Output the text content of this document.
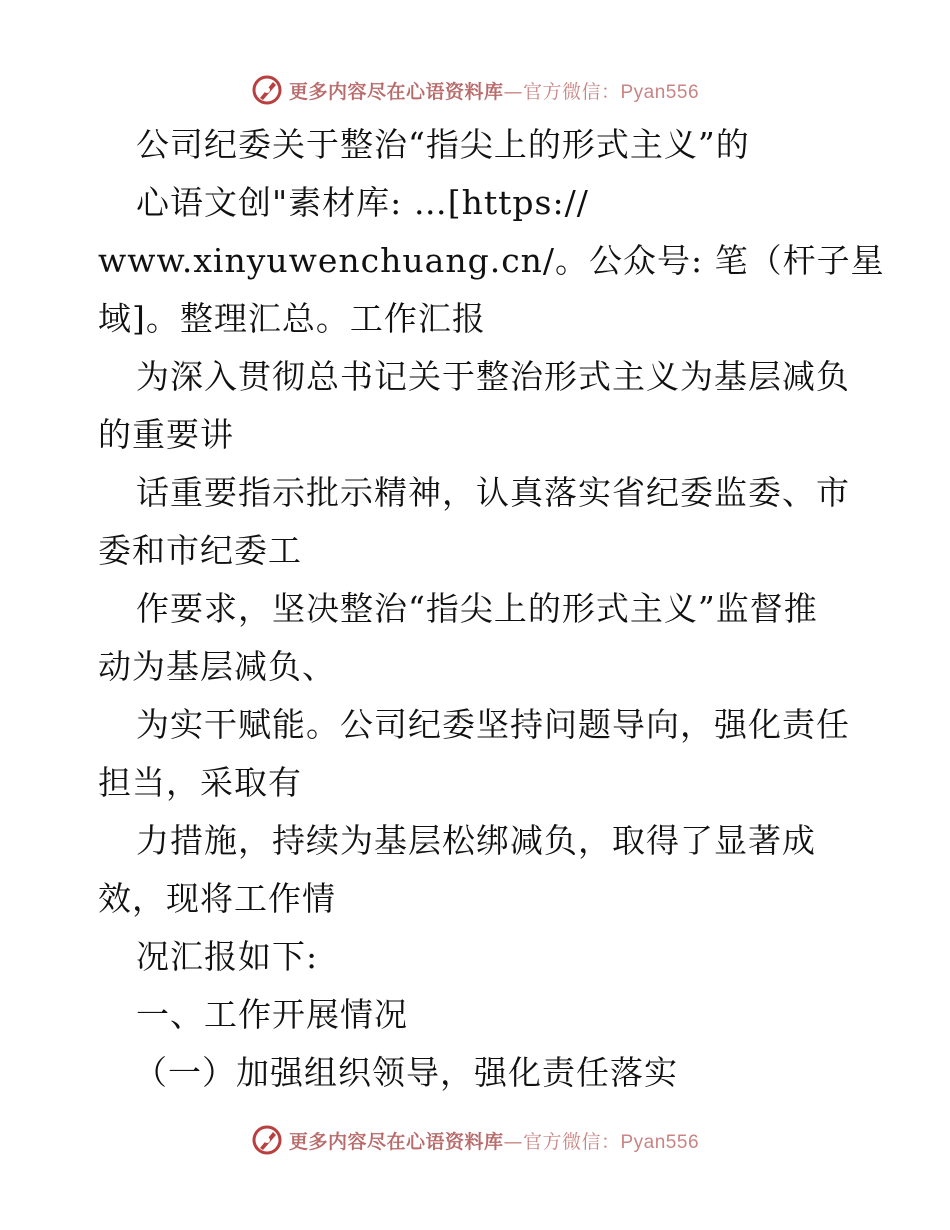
更多内容尽在心语资料库—官方微信：Pyan556
公司纪委关于整治“指尖上的形式主义”的
心语文创"素材库: …[https://
www.xinyuwenchuang.cn/。公众号: 笔（杆子星
域]。整理汇总。工作汇报
为深入贯彻总书记关于整治形式主义为基层减负
的重要讲
话重要指示批示精神，认真落实省纪委监委、市
委和市纪委工
作要求，坚决整治“指尖上的形式主义”监督推
动为基层减负、
为实干赋能。公司纪委坚持问题导向，强化责任
担当，采取有
力措施，持续为基层松绑减负，取得了显著成
效，现将工作情
况汇报如下:
一、工作开展情况
（一）加强组织领导，强化责任落实
更多内容尽在心语资料库—官方微信：Pyan556
